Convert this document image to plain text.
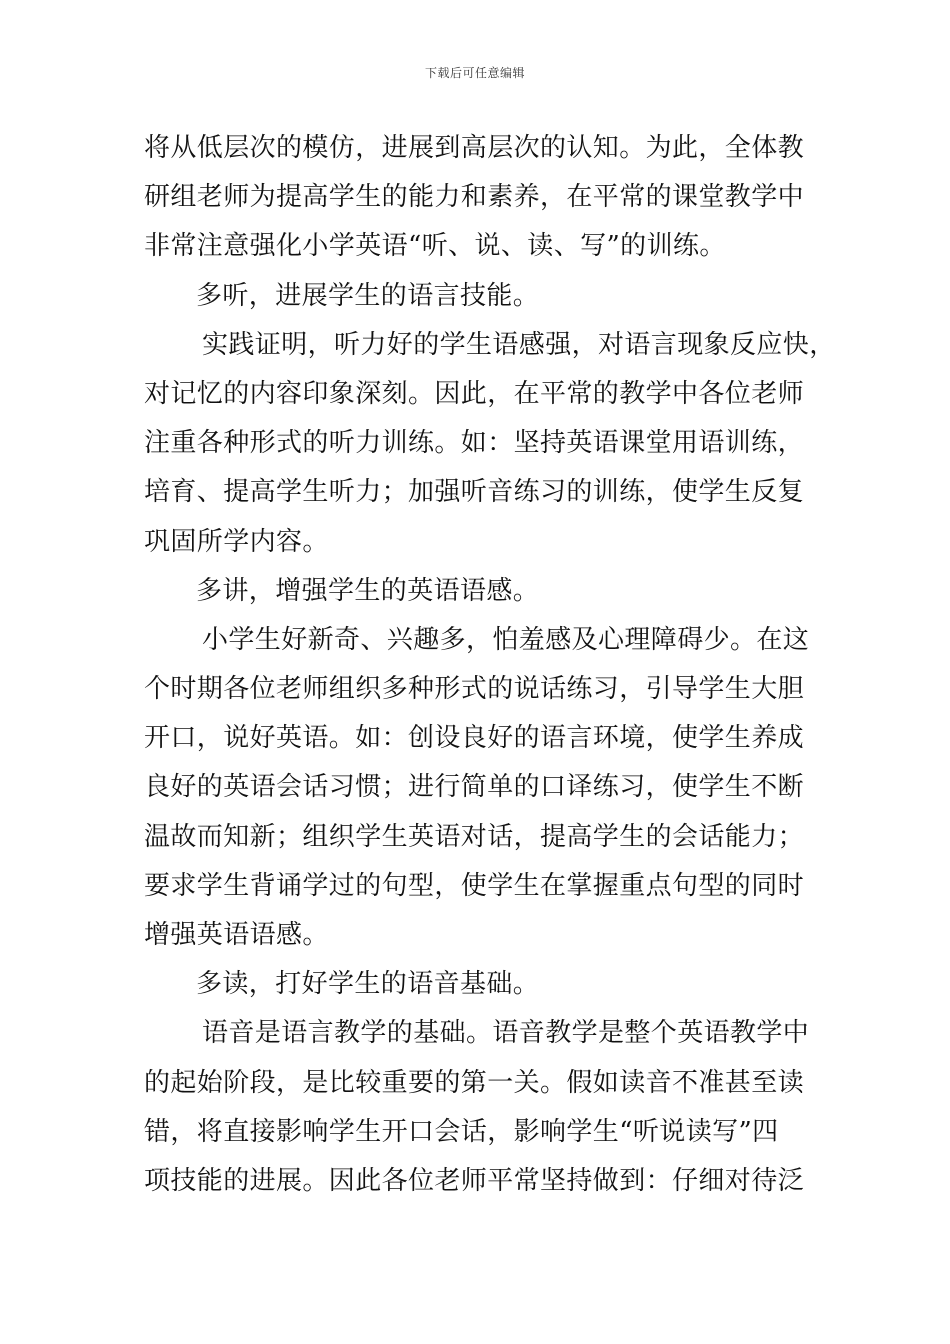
下载后可任意编辑
将从低层次的模仿，进展到高层次的认知。为此，全体教
研组老师为提高学生的能力和素养，在平常的课堂教学中
非常注意强化小学英语“听、说、读、写”的训练。
多听，进展学生的语言技能。
实践证明，听力好的学生语感强，对语言现象反应快，
对记忆的内容印象深刻。因此，在平常的教学中各位老师
注重各种形式的听力训练。如：坚持英语课堂用语训练，
培育、提高学生听力；加强听音练习的训练，使学生反复
巩固所学内容。
多讲，增强学生的英语语感。
小学生好新奇、兴趣多，怕羞感及心理障碍少。在这
个时期各位老师组织多种形式的说话练习，引导学生大胆
开口，说好英语。如：创设良好的语言环境，使学生养成
良好的英语会话习惯；进行简单的口译练习，使学生不断
温故而知新；组织学生英语对话，提高学生的会话能力；
要求学生背诵学过的句型，使学生在掌握重点句型的同时
增强英语语感。
多读，打好学生的语音基础。
语音是语言教学的基础。语音教学是整个英语教学中
的起始阶段，是比较重要的第一关。假如读音不准甚至读
错，将直接影响学生开口会话，影响学生“听说读写”四
项技能的进展。因此各位老师平常坚持做到：仔细对待泛
